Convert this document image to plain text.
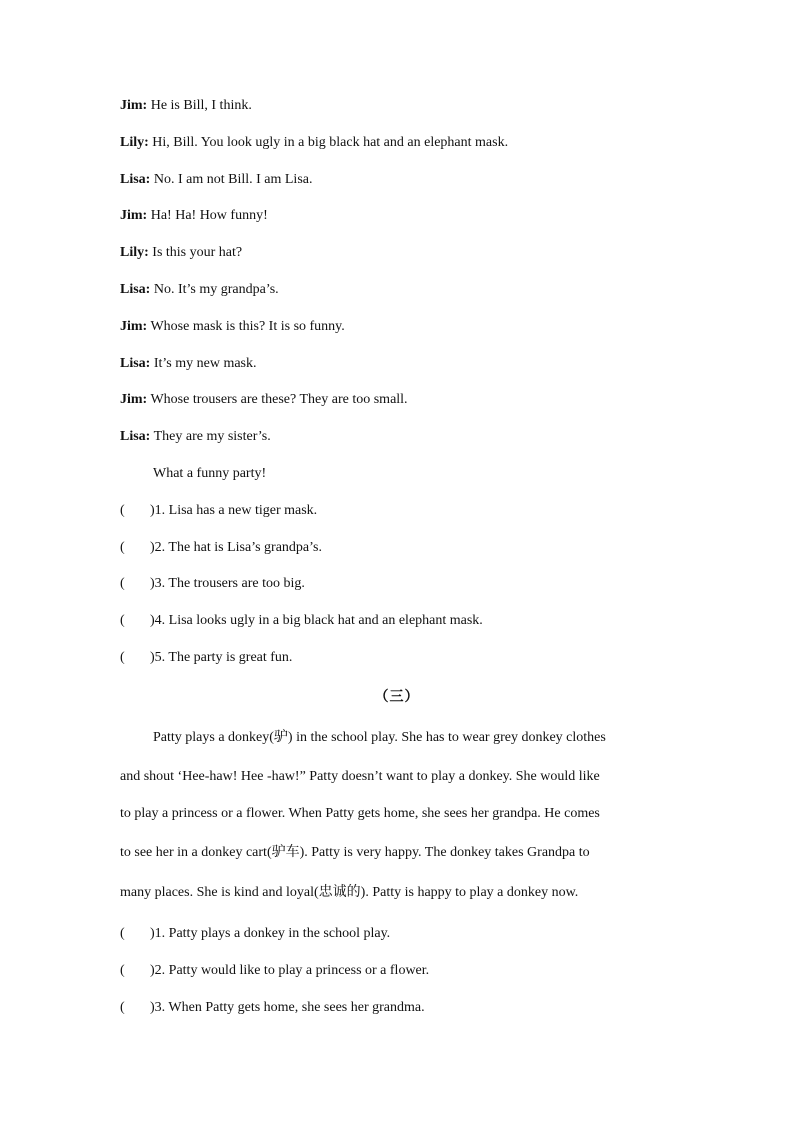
Jim: He is Bill, I think.
Lily: Hi, Bill. You look ugly in a big black hat and an elephant mask.
Lisa: No. I am not Bill. I am Lisa.
Jim: Ha! Ha! How funny!
Lily: Is this your hat?
Lisa: No. It’s my grandpa’s.
Jim: Whose mask is this? It is so funny.
Lisa: It’s my new mask.
Jim: Whose trousers are these? They are too small.
Lisa: They are my sister’s.
What a funny party!
( )1. Lisa has a new tiger mask.
( )2. The hat is Lisa’s grandpa’s.
( )3. The trousers are too big.
( )4. Lisa looks ugly in a big black hat and an elephant mask.
( )5. The party is great fun.
（三）
Patty plays a donkey(驴) in the school play. She has to wear grey donkey clothes
and shout ‘Hee-haw! Hee -haw!” Patty doesn’t want to play a donkey. She would like
to play a princess or a flower. When Patty gets home, she sees her grandpa. He comes
to see her in a donkey cart(驴车). Patty is very happy. The donkey takes Grandpa to
many places. She is kind and loyal(忠诚的). Patty is happy to play a donkey now.
( )1. Patty plays a donkey in the school play.
( )2. Patty would like to play a princess or a flower.
( )3. When Patty gets home, she sees her grandma.
